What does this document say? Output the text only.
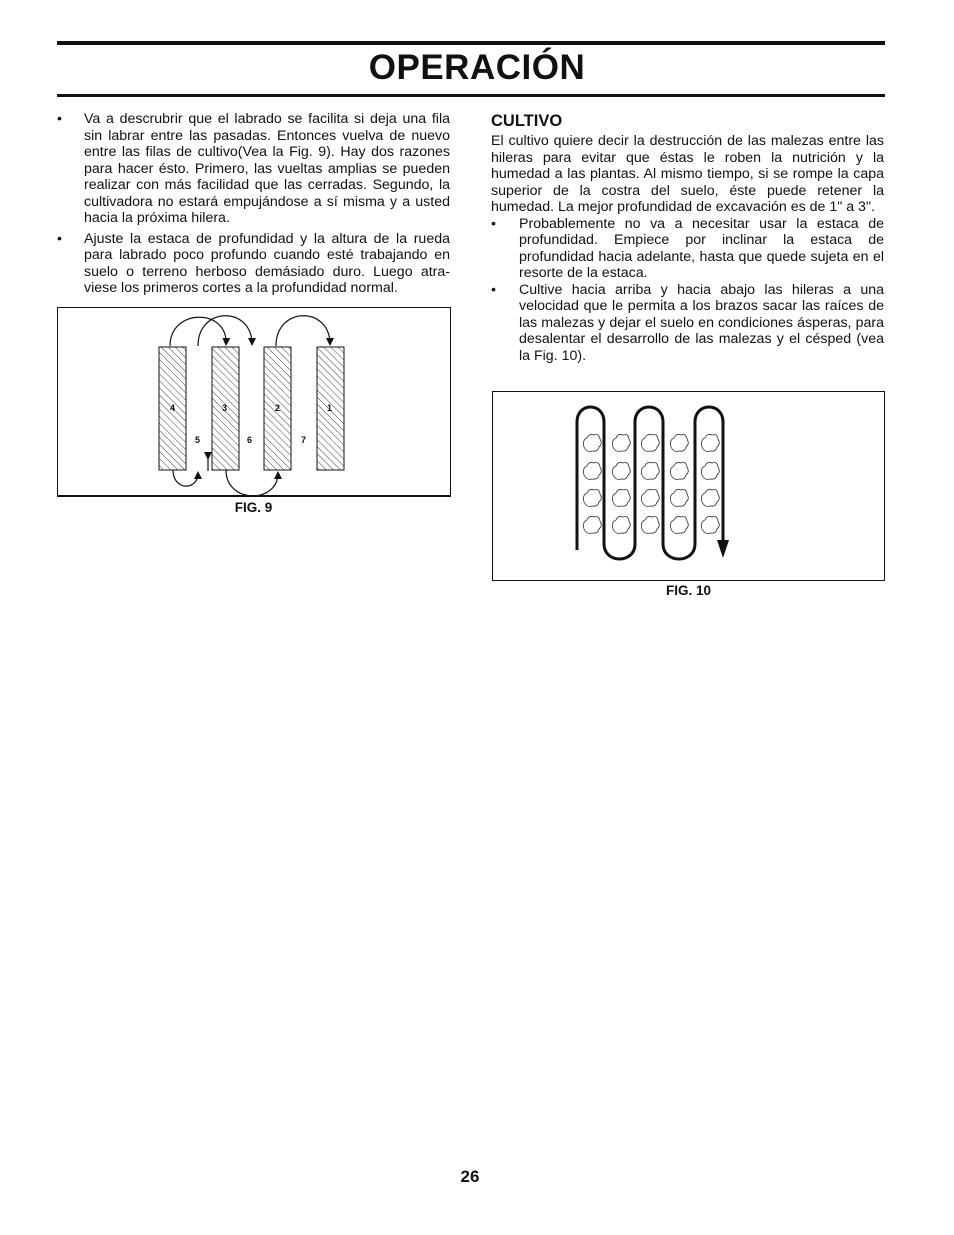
OPERACIÓN
• Va a descrubrir que el labrado se facilita si deja una fila sin labrar entre las pasadas. Entonces vuelva de nuevo entre las filas de cultivo(Vea la Fig. 9). Hay dos razones para hacer ésto. Primero, las vueltas amplias se pueden realizar con más facilidad que las cerradas. Segundo, la cultivadora no estará empujándose a sí misma y a usted hacia la próxima hilera.
• Ajuste la estaca de profundidad y la altura de la rueda para labrado poco profundo cuando esté trabajando en suelo o terreno herboso demásiado duro. Luego atra-viese los primeros cortes a la profundidad normal.
4	3	2	1
5	6	7
FIG. 9
CULTIVO

El cultivo quiere decir la destrucción de las malezas entre las hileras para evitar que éstas le roben la nutrición y la humedad a las plantas. Al mismo tiempo, si se rompe la capa superior de la costra del suelo, éste puede retener la humedad. La mejor profundidad de excavación es de 1" a 3".

• Probablemente no va a necesitar usar la estaca de profundidad. Empiece por inclinar la estaca de profundidad hacia adelante, hasta que quede sujeta en el resorte de la estaca.
• Cultive hacia arriba y hacia abajo las hileras a una velocidad que le permita a los brazos sacar las raíces de las malezas y dejar el suelo en condiciones ásperas, para desalentar el desarrollo de las malezas y el césped (vea la Fig. 10).
FIG. 10
26
